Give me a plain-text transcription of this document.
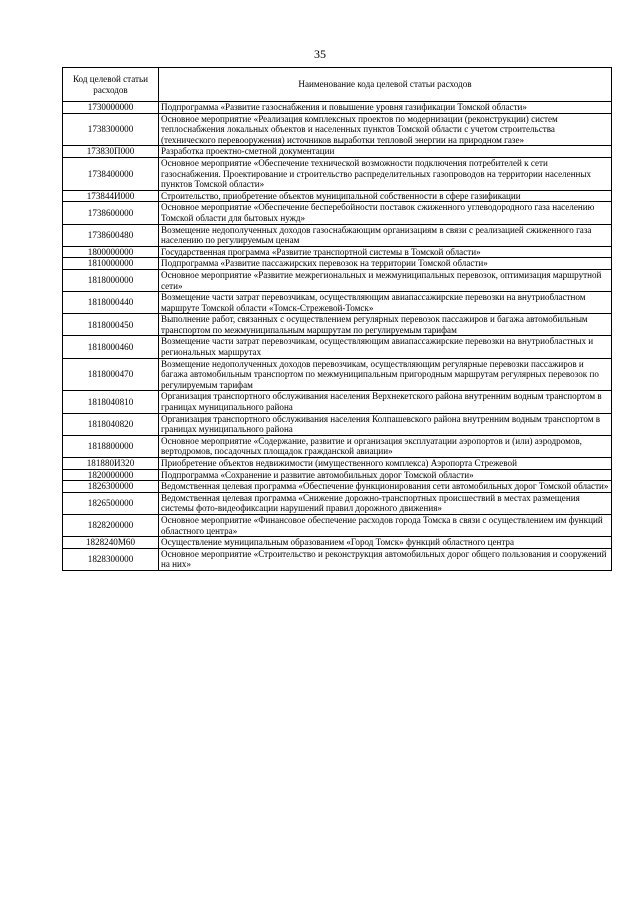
35
Код целевой статьи расходов	Наименование кода целевой статьи расходов
1730000000	Подпрограмма «Развитие газоснабжения и повышение уровня газификации Томской области»
1738300000	Основное мероприятие «Реализация комплексных проектов по модернизации (реконструкции) систем теплоснабжения локальных объектов и населенных пунктов Томской области с учетом строительства (технического перевооружения) источников выработки тепловой энергии на природном газе»
173830П000	Разработка проектно-сметной документации
1738400000	Основное мероприятие «Обеспечение технической возможности подключения потребителей к сети газоснабжения. Проектирование и строительство распределительных газопроводов на территории населенных пунктов Томской области»
173844И000	Строительство, приобретение объектов муниципальной собственности в сфере газификации
1738600000	Основное мероприятие «Обеспечение бесперебойности поставок сжиженного углеводородного газа населению Томской области для бытовых нужд»
1738600480	Возмещение недополученных доходов газоснабжающим организациям в связи с реализацией сжиженного газа населению по регулируемым ценам
1800000000	Государственная программа «Развитие транспортной системы в Томской области»
1810000000	Подпрограмма «Развитие пассажирских перевозок на территории Томской области»
1818000000	Основное мероприятие «Развитие межрегиональных и межмуниципальных перевозок, оптимизация маршрутной сети»
1818000440	Возмещение части затрат перевозчикам, осуществляющим авиапассажирские перевозки на внутриобластном маршруте Томской области «Томск-Стрежевой-Томск»
1818000450	Выполнение работ, связанных с осуществлением регулярных перевозок пассажиров и багажа автомобильным транспортом по межмуниципальным маршрутам по регулируемым тарифам
1818000460	Возмещение части затрат перевозчикам, осуществляющим авиапассажирские перевозки на внутриобластных и региональных маршрутах
1818000470	Возмещение недополученных доходов перевозчикам, осуществляющим регулярные перевозки пассажиров и багажа автомобильным транспортом по межмуниципальным пригородным маршрутам регулярных перевозок по регулируемым тарифам
1818040810	Организация транспортного обслуживания населения Верхнекетского района внутренним водным транспортом в границах муниципального района
1818040820	Организация транспортного обслуживания населения Колпашевского района внутренним водным транспортом в границах муниципального района
1818800000	Основное мероприятие «Содержание, развитие и организация эксплуатации аэропортов и (или) аэродромов, вертодромов, посадочных площадок гражданской авиации»
181880И320	Приобретение объектов недвижимости (имущественного комплекса) Аэропорта Стрежевой
1820000000	Подпрограмма «Сохранение и развитие автомобильных дорог Томской области»
1826300000	Ведомственная целевая программа «Обеспечение функционирования сети автомобильных дорог Томской области»
1826500000	Ведомственная целевая программа «Снижение дорожно-транспортных происшествий в местах размещения системы фото-видеофиксации нарушений правил дорожного движения»
1828200000	Основное мероприятие «Финансовое обеспечение расходов города Томска в связи с осуществлением им функций областного центра»
1828240М60	Осуществление муниципальным образованием «Город Томск» функций областного центра
1828300000	Основное мероприятие «Строительство и реконструкция автомобильных дорог общего пользования и сооружений на них»
